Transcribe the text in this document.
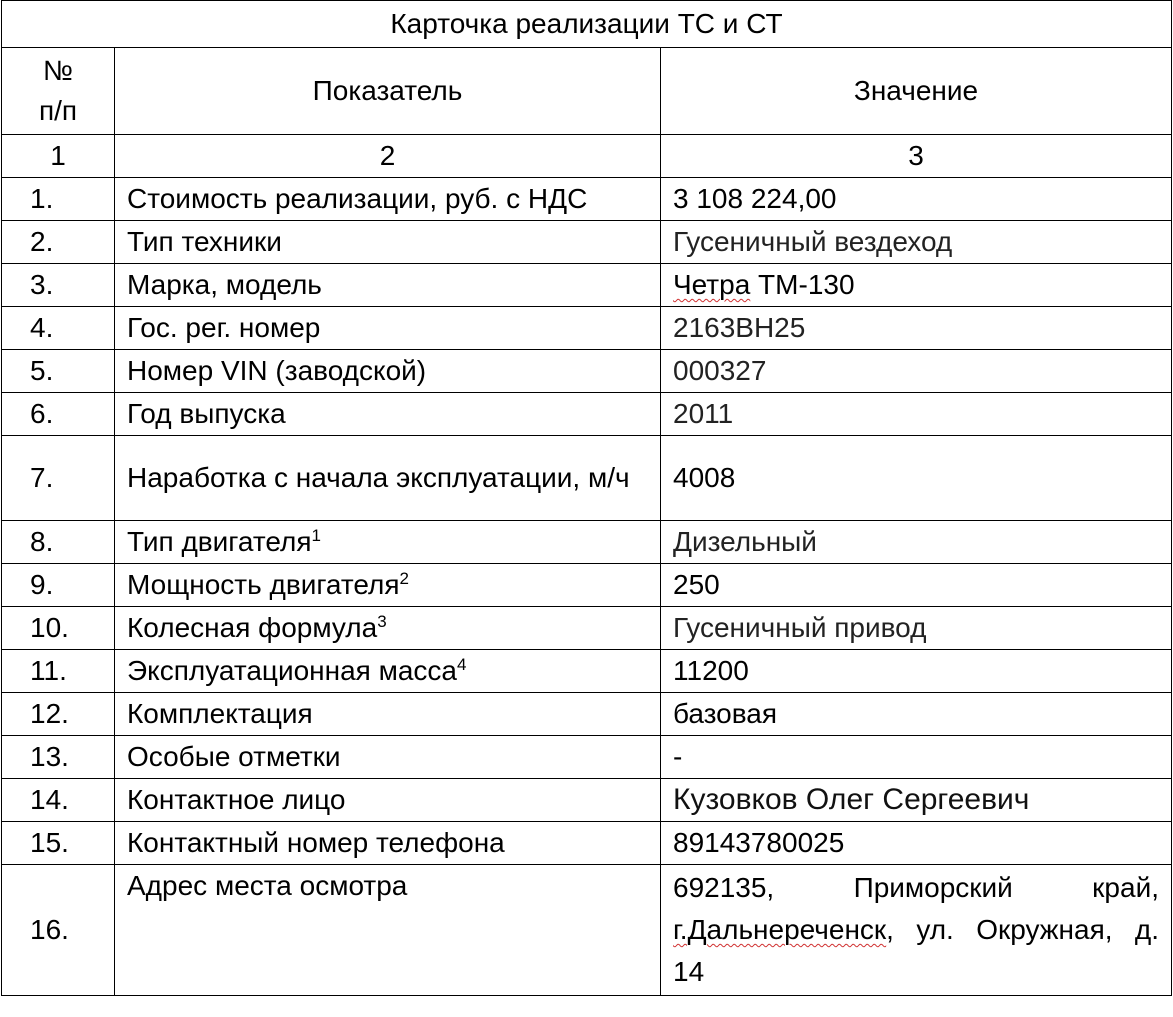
Карточка реализации ТС и СТ		
№
п/п	Показатель	Значение
1	2	3
1.	Стоимость реализации, руб. с НДС	3 108 224,00
2.	Тип техники	Гусеничный вездеход
3.	Марка, модель	Четра ТМ-130
4.	Гос. рег. номер	2163ВН25
5.	Номер VIN (заводской)	000327
6.	Год выпуска	2011
7.	Наработка с начала эксплуатации, м/ч	4008
8.	Тип двигателя$^1$	Дизельный
9.	Мощность двигателя$^2$	250
10.	Колесная формула$^3$	Гусеничный привод
11.	Эксплуатационная масса$^4$	11200
12.	Комплектация	базовая
13.	Особые отметки	-
14.	Контактное лицо	Кузовков Олег Сергеевич
15.	Контактный номер телефона	89143780025
16.	Адрес места осмотра	692135, Приморский край,
г.Дальнереченск, ул. Окружная, д.
14
